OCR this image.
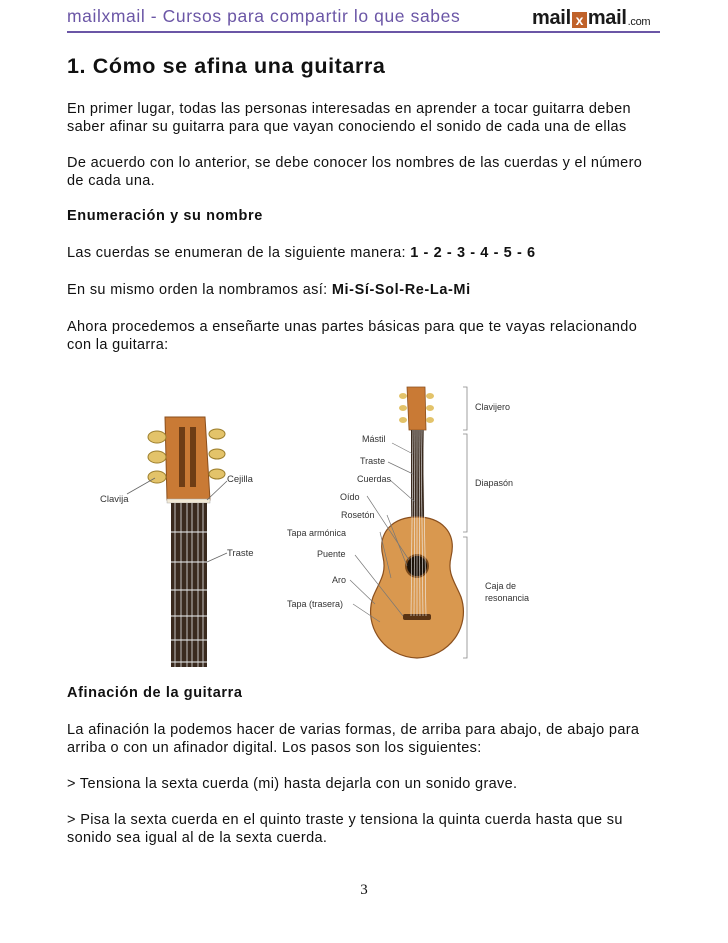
mailxmail - Cursos para compartir lo que sabes	mail x mail .com
1. Cómo se afina una guitarra

En primer lugar, todas las personas interesadas en aprender a tocar guitarra deben
saber afinar su guitarra para que vayan conociendo el sonido de cada una de ellas

De acuerdo con lo anterior, se debe conocer los nombres de las cuerdas y el número
de cada una.

Enumeración y su nombre

Las cuerdas se enumeran de la siguiente manera: 1 - 2 - 3 - 4 - 5 - 6

En su mismo orden la nombramos así: Mi-Sí-Sol-Re-La-Mi

Ahora procedemos a enseñarte unas partes básicas para que te vayas relacionando
con la guitarra:

Clavija
Cejilla
Traste
Mástil
Traste
Cuerdas
Oído
Rosetón
Tapa armónica
Puente
Aro
Tapa (trasera)
Clavijero
Diapasón
Caja de
resonancia

Afinación de la guitarra

La afinación la podemos hacer de varias formas, de arriba para abajo, de abajo para
arriba o con un afinador digital. Los pasos son los siguientes:

> Tensiona la sexta cuerda (mi) hasta dejarla con un sonido grave.

> Pisa la sexta cuerda en el quinto traste y tensiona la quinta cuerda hasta que su
sonido sea igual al de la sexta cuerda.

3
